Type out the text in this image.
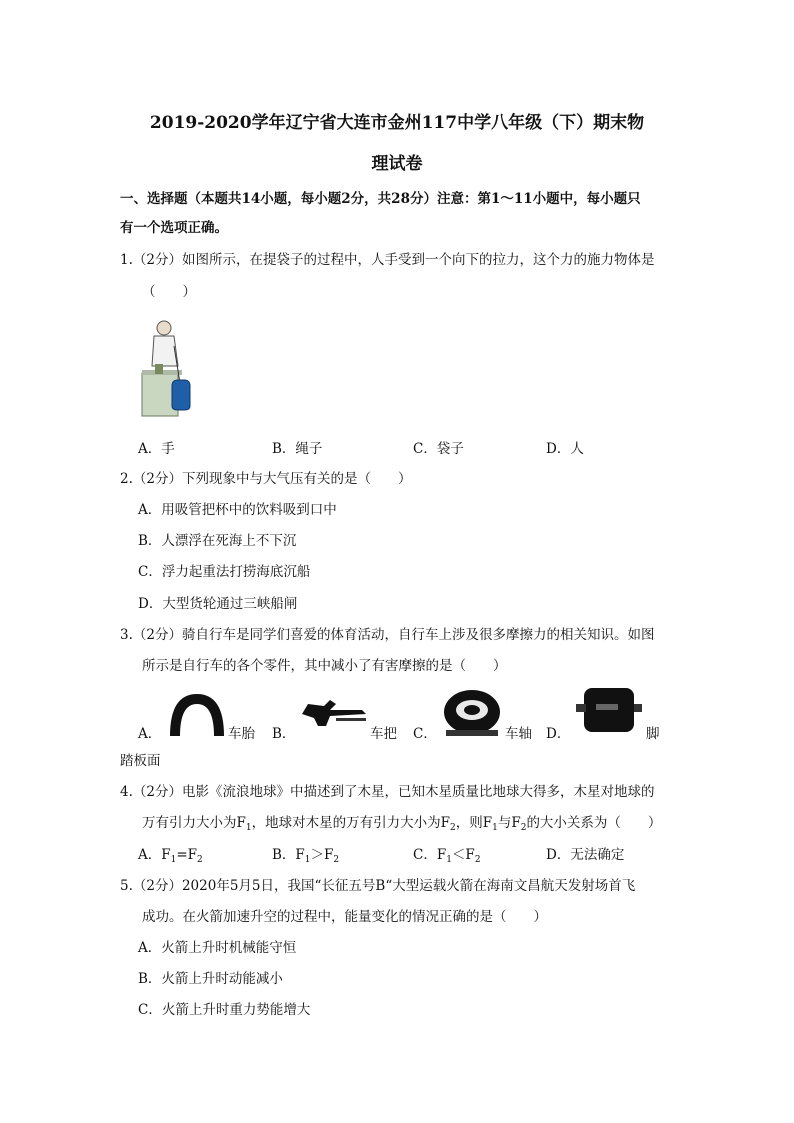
2019-2020学年辽宁省大连市金州117中学八年级（下）期末物
理试卷
一、选择题（本题共14小题，每小题2分，共28分）注意：第1～11小题中，每小题只
有一个选项正确。
1.（2分）如图所示，在提袋子的过程中，人手受到一个向下的拉力，这个力的施力物体是
（　　）
A．手	B．绳子	C．袋子	D．人
2.（2分）下列现象中与大气压有关的是（　　）
A．用吸管把杯中的饮料吸到口中
B．人漂浮在死海上不下沉
C．浮力起重法打捞海底沉船
D．大型货轮通过三峡船闸
3.（2分）骑自行车是同学们喜爱的体育活动，自行车上涉及很多摩擦力的相关知识。如图
所示是自行车的各个零件，其中减小了有害摩擦的是（　　）
A．	车胎 B．	车把 C．	车轴 D．	脚
踏板面
4.（2分）电影《流浪地球》中描述到了木星，已知木星质量比地球大得多，木星对地球的
万有引力大小为$F_1$，地球对木星的万有引力大小为$F_2$，则$F_1$与$F_2$的大小关系为（　　）
A．$F_1=F_2$	B．$F_1>F_2$	C．$F_1<F_2$	D．无法确定
5.（2分）2020年5月5日，我国“长征五号B“大型运载火箭在海南文昌航天发射场首飞
成功。在火箭加速升空的过程中，能量变化的情况正确的是（　　）
A．火箭上升时机械能守恒
B．火箭上升时动能减小
C．火箭上升时重力势能增大
